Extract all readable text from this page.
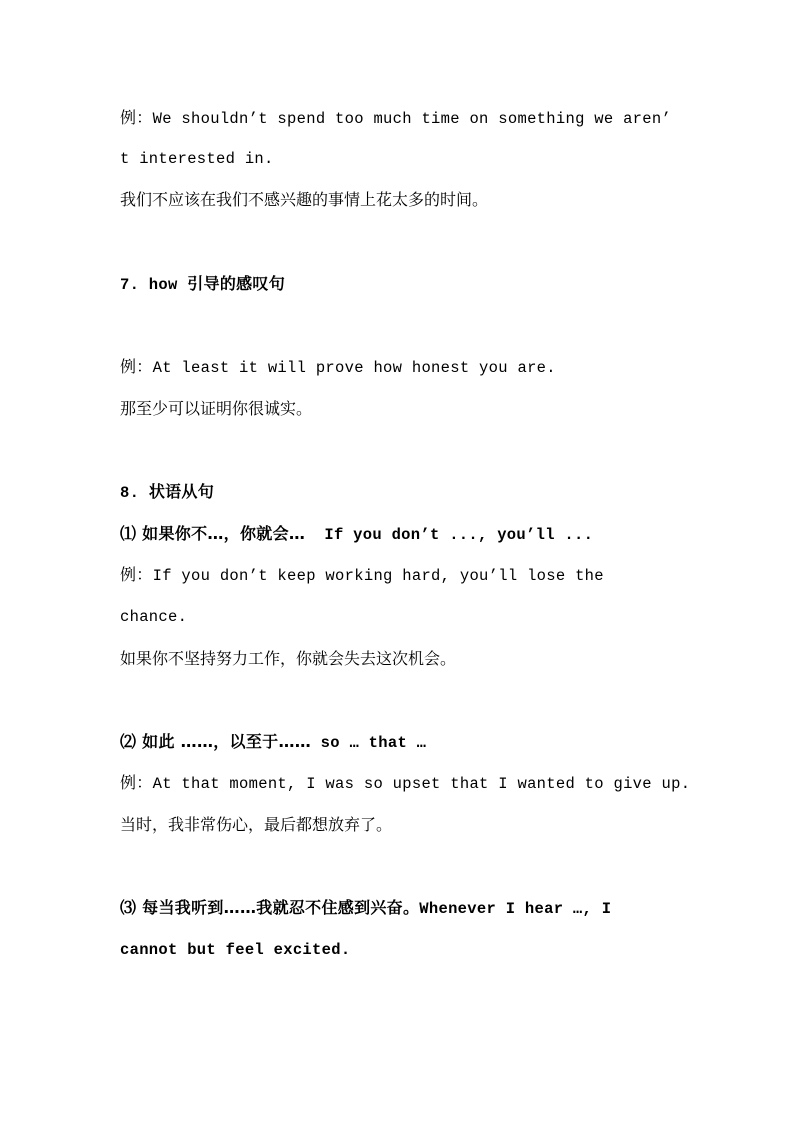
例：We shouldn’t spend too much time on something we aren’
t interested in.
我们不应该在我们不感兴趣的事情上花太多的时间。
7. how 引导的感叹句
例：At least it will prove how honest you are.
那至少可以证明你很诚实。
8. 状语从句
⑴ 如果你不…，你就会…  If you don’t ..., you’ll ...
例：If you don’t keep working hard, you’ll lose the
chance.
如果你不坚持努力工作，你就会失去这次机会。
⑵ 如此 ……，以至于…… so … that …
例：At that moment, I was so upset that I wanted to give up.
当时，我非常伤心，最后都想放弃了。
⑶ 每当我听到……我就忍不住感到兴奋。Whenever I hear …, I
cannot but feel excited.
